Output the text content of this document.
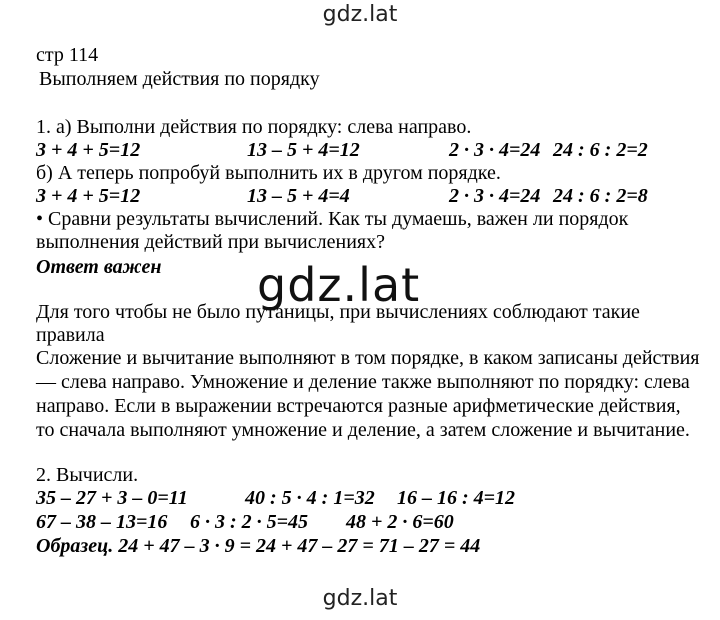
gdz.lat
стр 114
Выполняем действия по порядку
1. а) Выполни действия по порядку: слева направо.
3 + 4 + 5=12	13 – 5 + 4=12	2 · 3 · 4=24 24 : 6 : 2=2
б) А теперь попробуй выполнить их в другом порядке.
3 + 4 + 5=12	13 – 5 + 4=4	2 · 3 · 4=24 24 : 6 : 2=8
• Сравни результаты вычислений. Как ты думаешь, важен ли порядок
выполнения действий при вычислениях?
Ответ важен
Для того чтобы не было путаницы, при вычислениях соблюдают такие
правила
Сложение и вычитание выполняют в том порядке, в каком записаны действия
— слева направо. Умножение и деление также выполняют по порядку: слева
направо. Если в выражении встречаются разные арифметические действия,
то сначала выполняют умножение и деление, а затем сложение и вычитание.
gdz.lat
2. Вычисли.
35 – 27 + 3 – 0=11	40 : 5 · 4 : 1=32 16 – 16 : 4=12
67 – 38 – 13=16 6 · 3 : 2 · 5=45 48 + 2 · 6=60
Образец. 24 + 47 – 3 · 9 = 24 + 47 – 27 = 71 – 27 = 44
gdz.lat
